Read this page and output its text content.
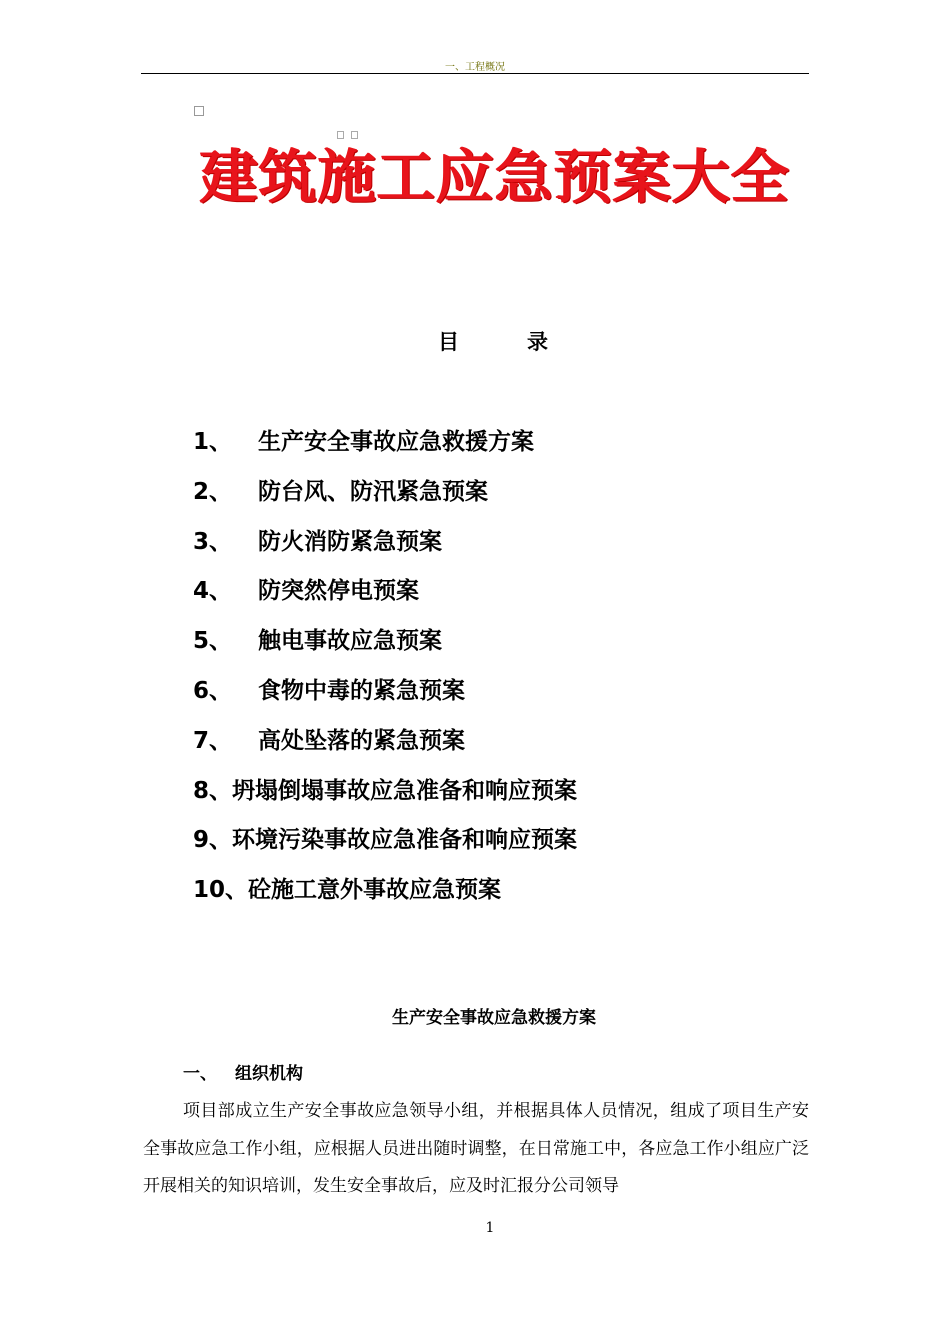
一、工程概况
建筑施工应急预案大全
目	录
1、 生产安全事故应急救援方案
2、 防台风、防汛紧急预案
3、 防火消防紧急预案
4、 防突然停电预案
5、 触电事故应急预案
6、 食物中毒的紧急预案
7、 高处坠落的紧急预案
8、坍塌倒塌事故应急准备和响应预案
9、环境污染事故应急准备和响应预案
10、砼施工意外事故应急预案
生产安全事故应急救援方案
一、 组织机构

项目部成立生产安全事故应急领导小组，并根据具体人员情况，组成了项目生产安全事故应急工作小组，应根据人员进出随时调整，在日常施工中，各应急工作小组应广泛开展相关的知识培训，发生安全事故后，应及时汇报分公司领导

1
